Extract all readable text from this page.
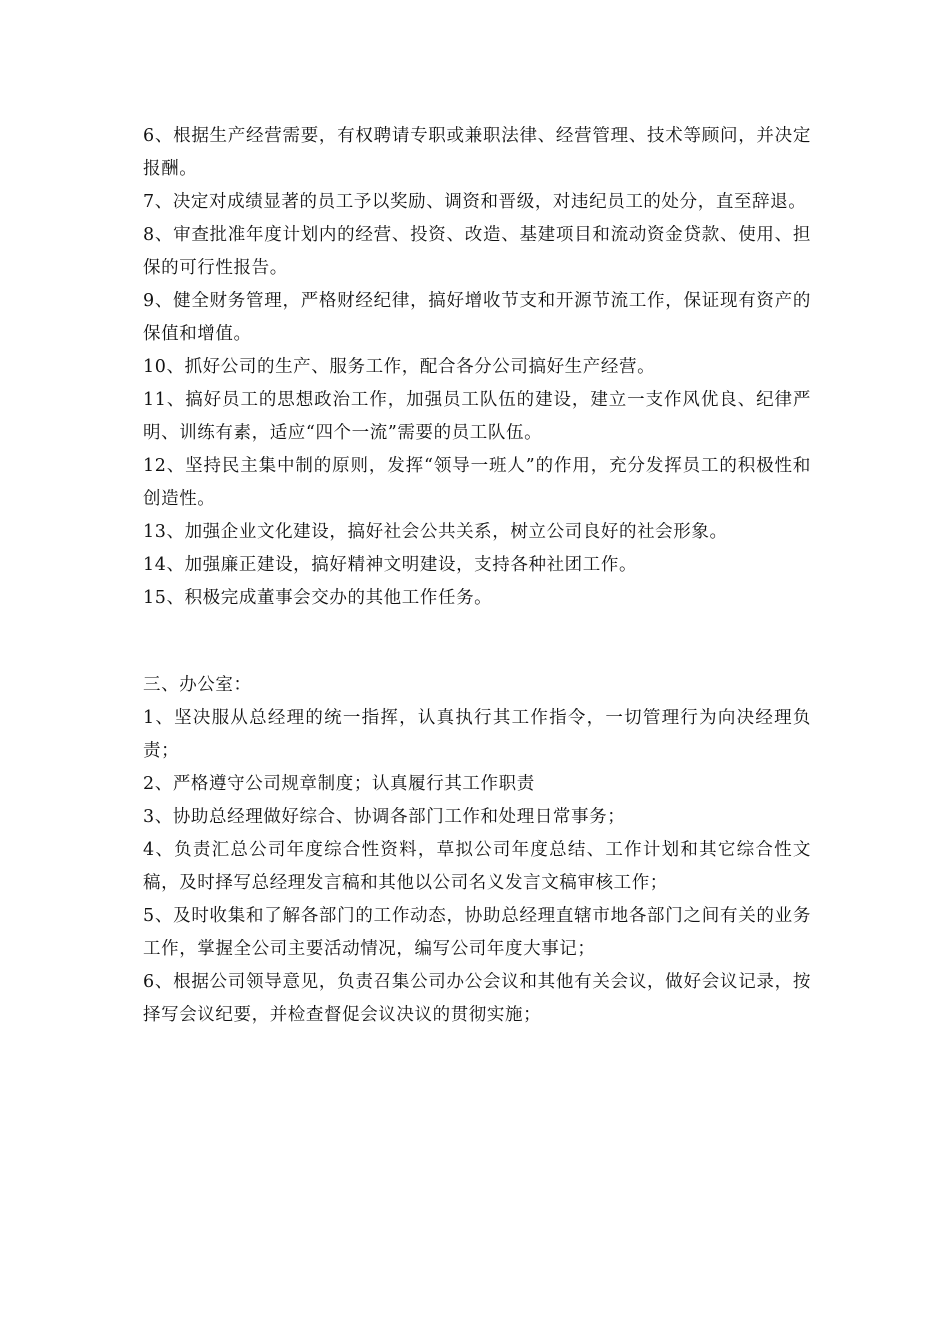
6、根据生产经营需要，有权聘请专职或兼职法律、经营管理、技术等顾问，并决定报酬。

7、决定对成绩显著的员工予以奖励、调资和晋级，对违纪员工的处分，直至辞退。

8、审查批准年度计划内的经营、投资、改造、基建项目和流动资金贷款、使用、担保的可行性报告。

9、健全财务管理，严格财经纪律，搞好增收节支和开源节流工作，保证现有资产的保值和增值。

10、抓好公司的生产、服务工作，配合各分公司搞好生产经营。

11、搞好员工的思想政治工作，加强员工队伍的建设，建立一支作风优良、纪律严明、训练有素，适应“四个一流”需要的员工队伍。

12、坚持民主集中制的原则，发挥“领导一班人”的作用，充分发挥员工的积极性和创造性。

13、加强企业文化建设，搞好社会公共关系，树立公司良好的社会形象。

14、加强廉正建设，搞好精神文明建设，支持各种社团工作。

15、积极完成董事会交办的其他工作任务。

三、办公室：

1、坚决服从总经理的统一指挥，认真执行其工作指令，一切管理行为向决经理负责；

2、严格遵守公司规章制度；认真履行其工作职责

3、协助总经理做好综合、协调各部门工作和处理日常事务；

4、负责汇总公司年度综合性资料，草拟公司年度总结、工作计划和其它综合性文稿，及时择写总经理发言稿和其他以公司名义发言文稿审核工作；

5、及时收集和了解各部门的工作动态，协助总经理直辖市地各部门之间有关的业务工作，掌握全公司主要活动情况，编写公司年度大事记；

6、根据公司领导意见，负责召集公司办公会议和其他有关会议，做好会议记录，按择写会议纪要，并检查督促会议决议的贯彻实施；
